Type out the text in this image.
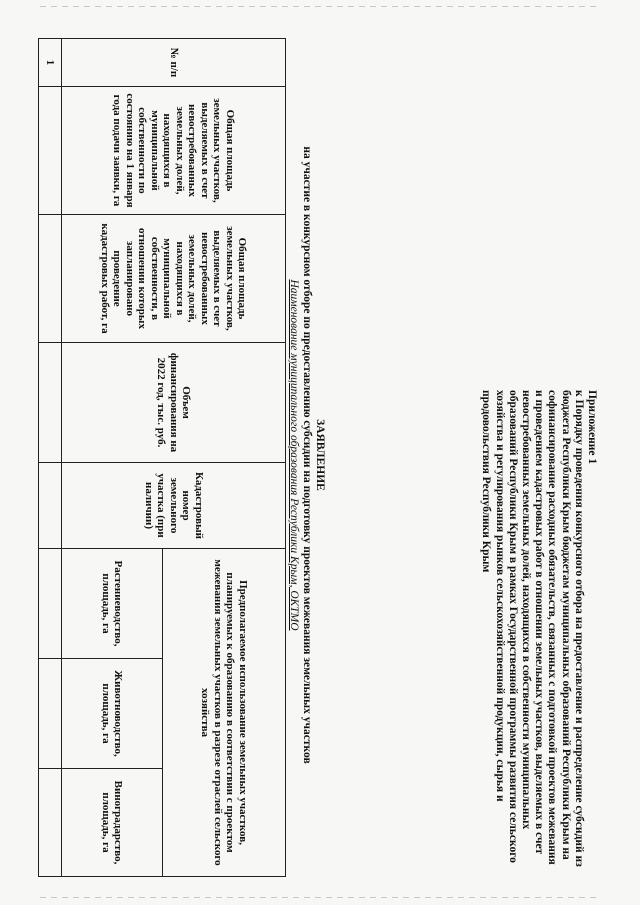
Приложение 1
к Порядку проведения конкурсного отбора на предоставление и распределение субсидий из бюджета Республики Крым бюджетам муниципальных образований Республики Крым на софинансирование расходных обязательств, связанных с подготовкой проектов межевания и проведением кадастровых работ в отношении земельных участков, выделяемых в счет невостребованных земельных долей, находящихся в собственности муниципальных образований Республики Крым в рамках Государственной программы развития сельского хозяйства и регулирования рынков сельскохозяйственной продукции, сырья и продовольствия Республики Крым
ЗАЯВЛЕНИЕ
на участие в конкурсном отборе по предоставлению субсидии на подготовку проектов межевания земельных участков
Наименование муниципального образования Республики Крым, ОКТМО
№ п/п	Общая площадь земельных участков, выделяемых в счет невостребованных земельных долей, находящихся в муниципальной собственности по состоянию на 1 января года подачи заявки, га	Общая площадь земельных участков, выделяемых в счет невостребованных земельных долей, находящихся в муниципальной собственности, в отношении которых запланировано проведение кадастровых работ, га	Объем финансирования на 2022 год, тыс. руб.	Кадастровый номер земельного участка (при наличии)	Предполагаемое использование земельных участков, планируемых к образованию в соответствии с проектом межевания земельных участков в разрезе отраслей сельского хозяйства		
					Растениеводство, площадь, га	Животноводство, площадь, га	Виноградарство, площадь, га
1							
